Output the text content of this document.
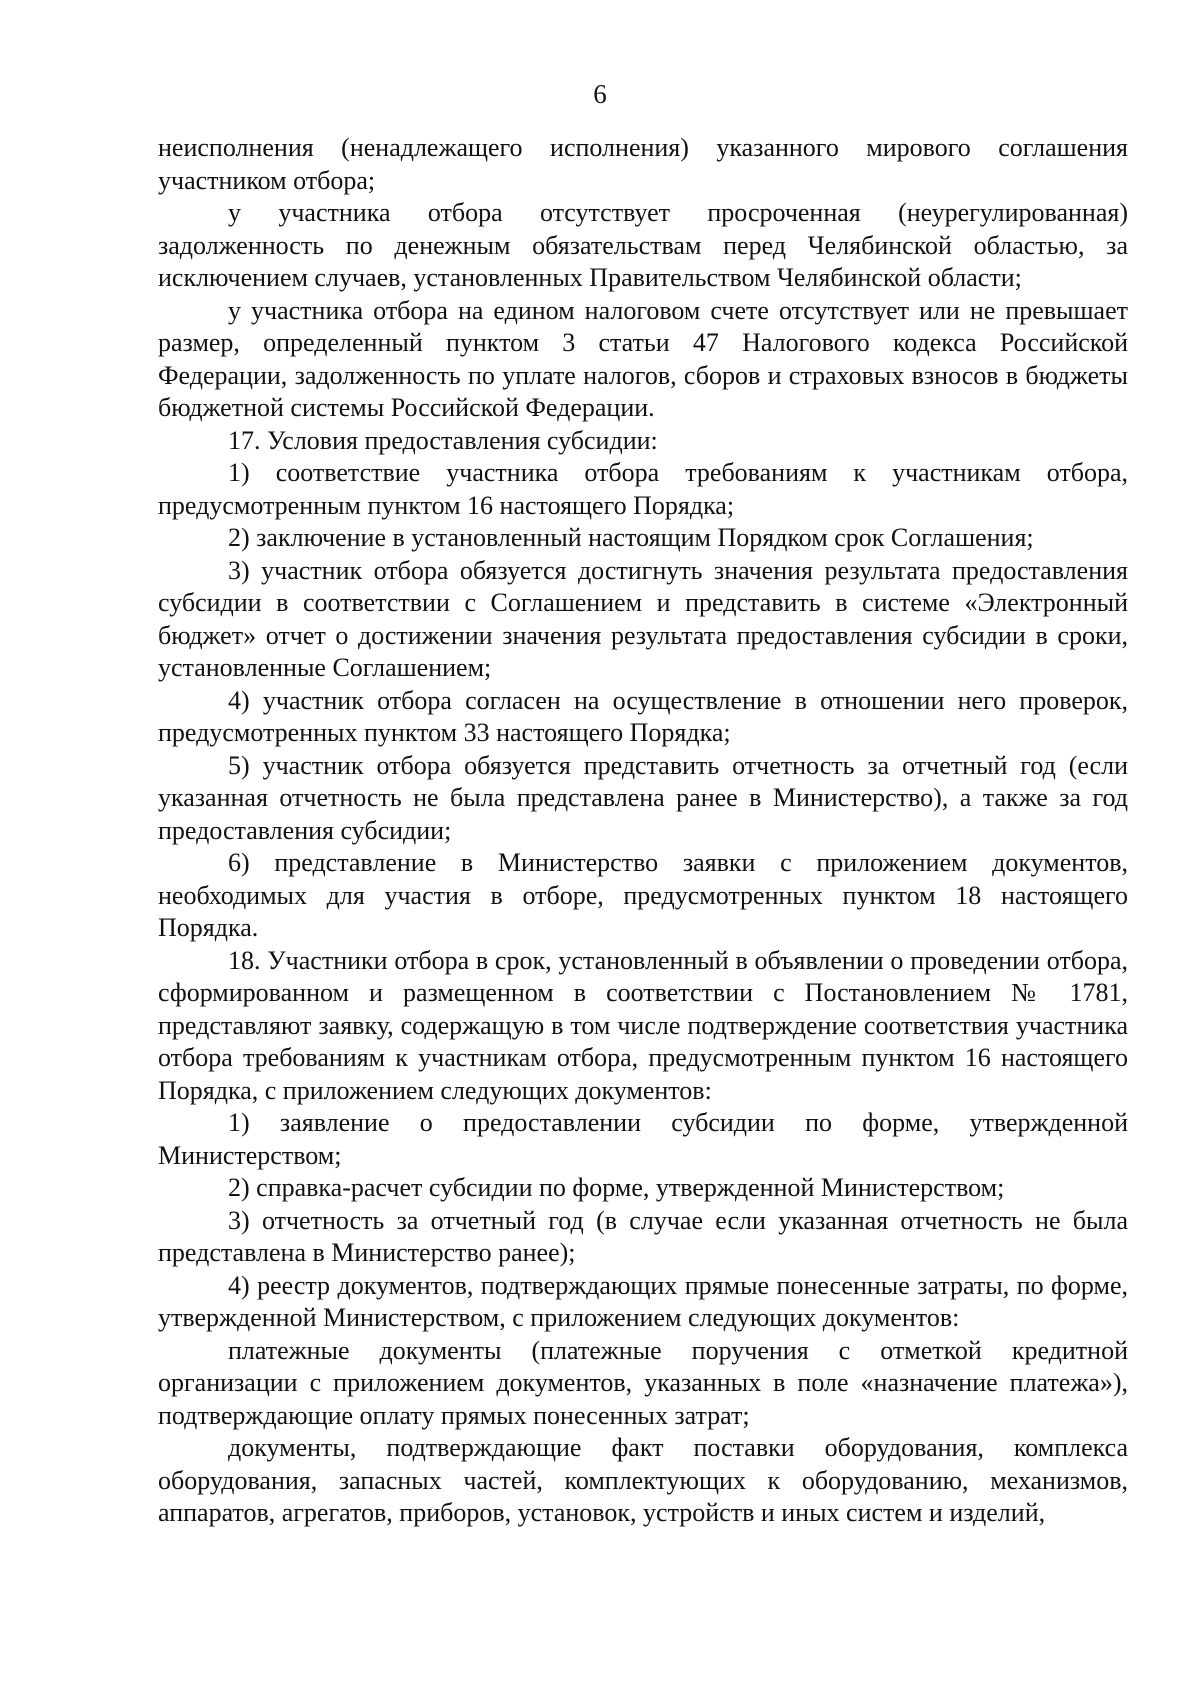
6

неисполнения (ненадлежащего исполнения) указанного мирового соглашения участником отбора;

у участника отбора отсутствует просроченная (неурегулированная) задолженность по денежным обязательствам перед Челябинской областью, за исключением случаев, установленных Правительством Челябинской области;

у участника отбора на едином налоговом счете отсутствует или не превышает размер, определенный пунктом 3 статьи 47 Налогового кодекса Российской Федерации, задолженность по уплате налогов, сборов и страховых взносов в бюджеты бюджетной системы Российской Федерации.

17. Условия предоставления субсидии:

1) соответствие участника отбора требованиям к участникам отбора, предусмотренным пунктом 16 настоящего Порядка;

2) заключение в установленный настоящим Порядком срок Соглашения;

3) участник отбора обязуется достигнуть значения результата предоставления субсидии в соответствии с Соглашением и представить в системе «Электронный бюджет» отчет о достижении значения результата предоставления субсидии в сроки, установленные Соглашением;

4) участник отбора согласен на осуществление в отношении него проверок, предусмотренных пунктом 33 настоящего Порядка;

5) участник отбора обязуется представить отчетность за отчетный год (если указанная отчетность не была представлена ранее в Министерство), а также за год предоставления субсидии;

6) представление в Министерство заявки с приложением документов, необходимых для участия в отборе, предусмотренных пунктом 18 настоящего Порядка.

18. Участники отбора в срок, установленный в объявлении о проведении отбора, сформированном и размещенном в соответствии с Постановлением № 1781, представляют заявку, содержащую в том числе подтверждение соответствия участника отбора требованиям к участникам отбора, предусмотренным пунктом 16 настоящего Порядка, с приложением следующих документов:

1) заявление о предоставлении субсидии по форме, утвержденной Министерством;

2) справка-расчет субсидии по форме, утвержденной Министерством;

3) отчетность за отчетный год (в случае если указанная отчетность не была представлена в Министерство ранее);

4) реестр документов, подтверждающих прямые понесенные затраты, по форме, утвержденной Министерством, с приложением следующих документов:

платежные документы (платежные поручения с отметкой кредитной организации с приложением документов, указанных в поле «назначение платежа»), подтверждающие оплату прямых понесенных затрат;

документы, подтверждающие факт поставки оборудования, комплекса оборудования, запасных частей, комплектующих к оборудованию, механизмов, аппаратов, агрегатов, приборов, установок, устройств и иных систем и изделий,
